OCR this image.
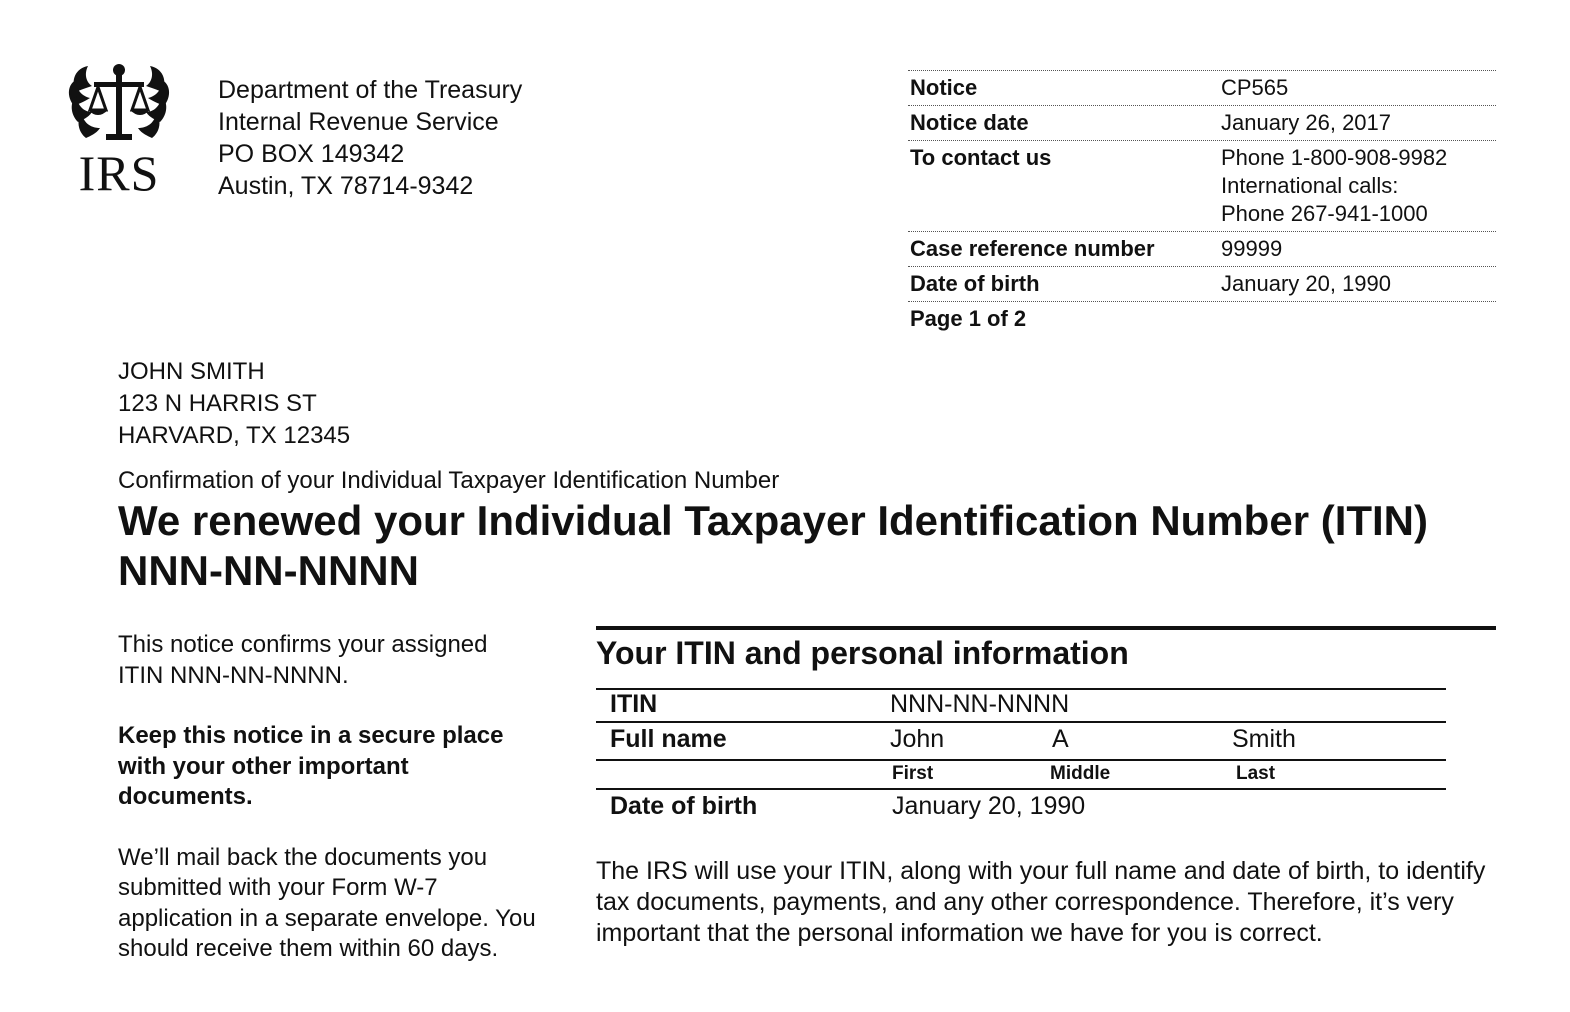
IRS
Department of the Treasury
Internal Revenue Service
PO BOX 149342
Austin, TX 78714-9342
Notice	CP565
Notice date	January 26, 2017
To contact us	Phone 1-800-908-9982
International calls:
Phone 267-941-1000
Case reference number	99999
Date of birth	January 20, 1990
Page 1 of 2
JOHN SMITH
123 N HARRIS ST
HARVARD, TX 12345
Confirmation of your Individual Taxpayer Identification Number
We renewed your Individual Taxpayer Identification Number (ITIN)
NNN-NN-NNNN

This notice confirms your assigned ITIN NNN-NN-NNNN.

Keep this notice in a secure place with your other important documents.

We’ll mail back the documents you submitted with your Form W-7 application in a separate envelope. You should receive them within 60 days.

Your ITIN and personal information
ITIN	NNN-NN-NNNN
Full name	John	A	Smith
First	Middle	Last
Date of birth	January 20, 1990
The IRS will use your ITIN, along with your full name and date of birth, to identify tax documents, payments, and any other correspondence. Therefore, it’s very important that the personal information we have for you is correct.
